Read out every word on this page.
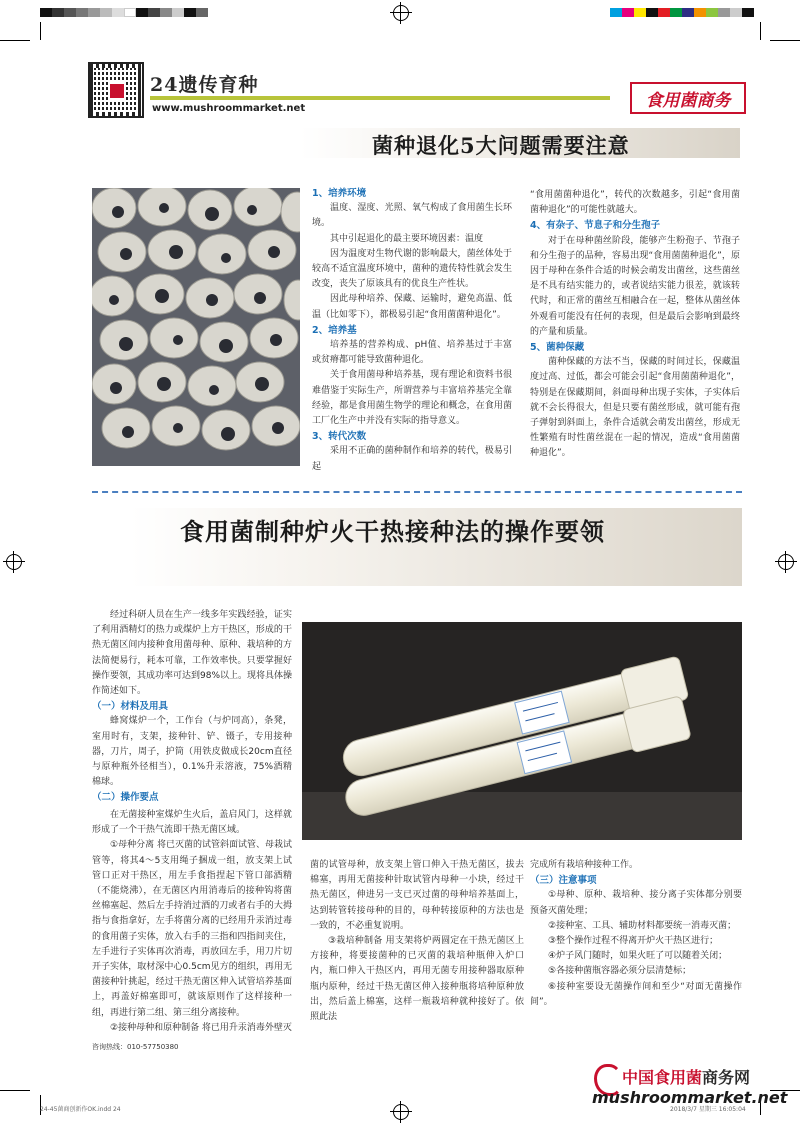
24遗传育种
www.mushroommarket.net	食用菌商务
菌种退化5大问题需要注意

1、培养环境

温度、湿度、光照、氧气构成了食用菌生长环境。

其中引起退化的最主要环境因素：温度

因为温度对生物代谢的影响最大，菌丝体处于较高不适宜温度环境中，菌种的遗传特性就会发生改变，丧失了原该具有的优良生产性状。

因此母种培养、保藏、运输时，避免高温、低温（比如零下），都极易引起“食用菌菌种退化”。

2、培养基

培养基的营养构成、pH值、培养基过于丰富或贫瘠都可能导致菌种退化。

关于食用菌母种培养基，现有理论和资料书很难借鉴于实际生产，所谓营养与丰富培养基完全靠经验，都是食用菌生物学的理论和概念，在食用菌工厂化生产中并没有实际的指导意义。

3、转代次数

采用不正确的菌种制作和培养的转代，极易引起

“食用菌菌种退化”，转代的次数越多，引起“食用菌菌种退化”的可能性就越大。

4、有杂子、节息子和分生孢子

对于在母种菌丝阶段，能够产生粉孢子、节孢子和分生孢子的品种，容易出现“食用菌菌种退化”，原因于母种在条件合适的时候会萌发出菌丝，这些菌丝是不具有结实能力的，或者说结实能力很差，就该转代时，和正常的菌丝互相融合在一起，整体从菌丝体外观看可能没有任何的表现，但是最后会影响到最终的产量和质量。

5、菌种保藏

菌种保藏的方法不当，保藏的时间过长，保藏温度过高、过低，都会可能会引起“食用菌菌种退化”，特别是在保藏期间，斜面母种出现子实体，子实体后就不会长得很大，但是只要有菌丝形成，就可能有孢子弹射到斜面上，条件合适就会萌发出菌丝，形成无性繁殖有时性菌丝混在一起的情况，造成“食用菌菌种退化”。

食用菌制种炉火干热接种法的操作要领

经过科研人员在生产一线多年实践经验，证实了利用酒精灯的热力或煤炉上方干热区，形成的干热无菌区间内接种食用菌母种、原种、栽培种的方法简便易行，耗本可靠，工作效率快。只要掌握好操作要领，其成功率可达到98%以上。现将具体操作简述如下。

（一）材料及用具

蜂窝煤炉一个，工作台（与炉同高），条凳，室用时有，支架，接种针、铲、镊子，专用接种器，刀片，周子，护筒（用铁皮做成长20cm直径与原种瓶外径相当），0.1%升汞溶液，75%酒精棉球。

（二）操作要点

在无菌接种室煤炉生火后，盖启风门，这样就形成了一个干热气流即干热无菌区域。

①母种分离 将已灭菌的试管斜面试管、母栽试管等，将其4～5支用绳子捆成一组，放支架上试管口正对干热区，用左手食指捏起下管口部酒精（不能烧沸），在无菌区内用消毒后的接种钩将菌丝棉塞起、然后左手持消过酒的刀或者右手的大拇指与食指拿好，左手将菌分离的已经用升汞消过毒的食用菌子实体，放入右手的三指和四指间夹住，左手进行子实体再次消毒，再放回左手，用刀片切开子实体，取材深中心0.5cm见方的组织，再用无菌接种针挑起，经过干热无菌区伸入试管培养基面上，再盖好棉塞即可，就该原则作了这样接种一组，再进行第二组、第三组分离接种。

②接种母种和原种制备 将已用升汞消毒外壁灭

菌的试管母种，放支架上管口伸入干热无菌区，拔去棉塞，再用无菌接种针取试管内母种一小块，经过干热无菌区，伸进另一支已灭过菌的母种培养基面上，达到转管转接母种的目的，母种转接原种的方法也是一致的，不必重复说明。

③栽培种制备 用支架将炉两圆定在干热无菌区上方接种，将要接菌种的已灭菌的栽培种瓶伸入炉口内，瓶口伸入干热区内，再用无菌专用接种器取原种瓶内原种，经过干热无菌区伸入接种瓶将培种原种放出，然后盖上棉塞，这样一瓶栽培种就种接好了。依照此法

完成所有栽培种接种工作。

（三）注意事项

①母种、原种、栽培种、接分离子实体都分别要预备灭菌处理；

②接种室、工具、辅助材料都要统一消毒灭菌；

③整个操作过程不得离开炉火干热区进行；

④炉子风门随时，如果火旺了可以随着关闭；

⑤各接种菌瓶容器必须分层清楚标；

⑥接种室要设无菌操作间和至少“对面无菌操作间”。

咨询热线：010-57750380
中国食用菌商务网
mushroommarket.net
24-45菌商创新作OK.indd 24	2018/3/7 星期三 16:05:04
